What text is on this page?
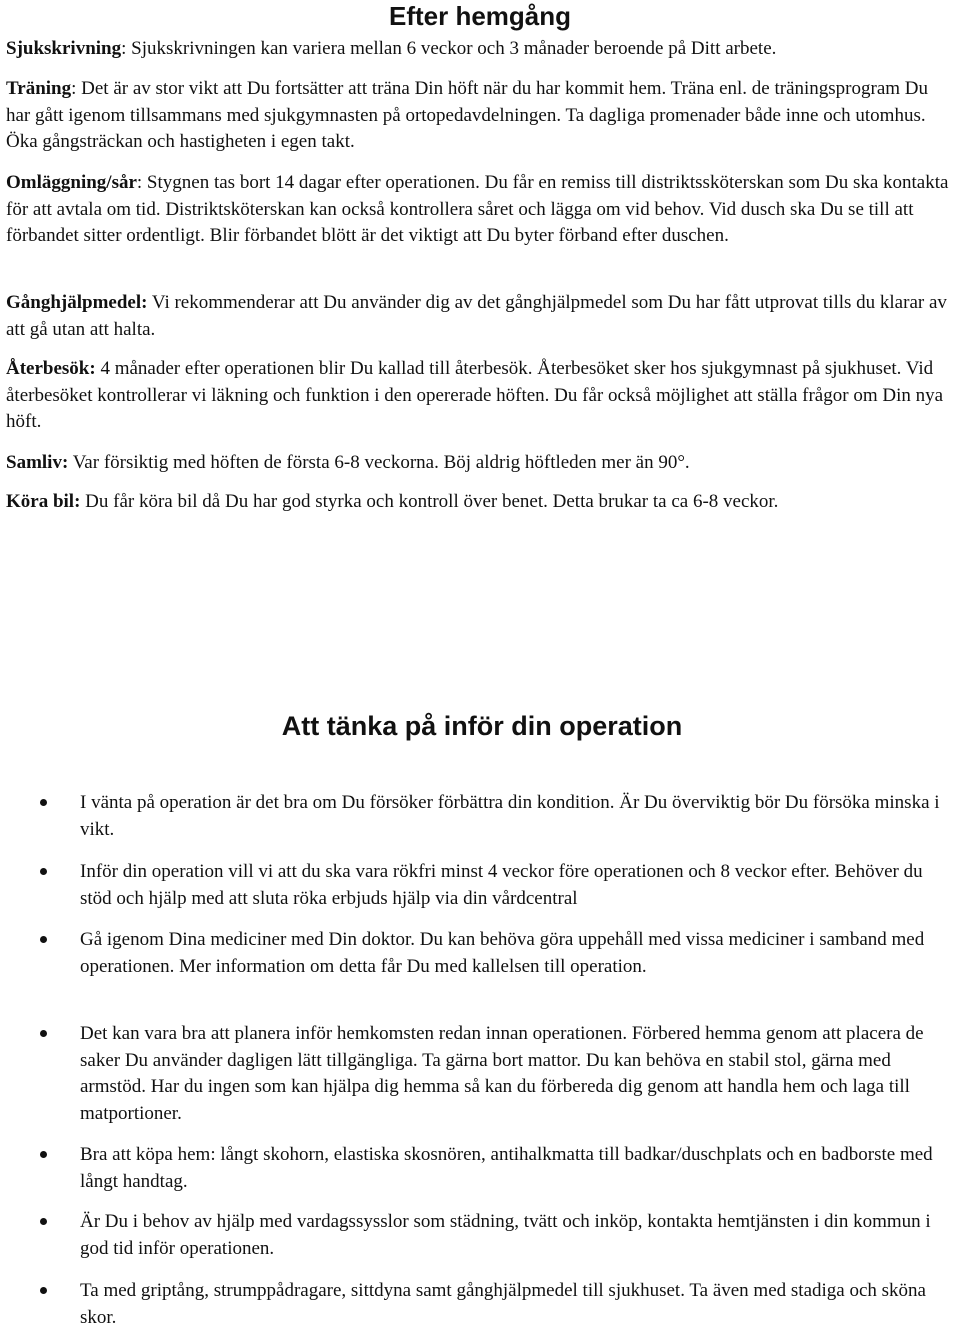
Efter hemgång

Sjukskrivning: Sjukskrivningen kan variera mellan 6 veckor och 3 månader beroende på Ditt arbete.

Träning: Det är av stor vikt att Du fortsätter att träna Din höft när du har kommit hem. Träna enl. de träningsprogram Du har gått igenom tillsammans med sjukgymnasten på ortopedavdelningen. Ta dagliga promenader både inne och utomhus. Öka gångsträckan och hastigheten i egen takt.

Omläggning/sår: Stygnen tas bort 14 dagar efter operationen. Du får en remiss till distriktssköterskan som Du ska kontakta för att avtala om tid. Distriktsköterskan kan också kontrollera såret och lägga om vid behov. Vid dusch ska Du se till att förbandet sitter ordentligt. Blir förbandet blött är det viktigt att Du byter förband efter duschen.

Gånghjälpmedel: Vi rekommenderar att Du använder dig av det gånghjälpmedel som Du har fått utprovat tills du klarar av att gå utan att halta.

Återbesök: 4 månader efter operationen blir Du kallad till återbesök. Återbesöket sker hos sjukgymnast på sjukhuset. Vid återbesöket kontrollerar vi läkning och funktion i den opererade höften. Du får också möjlighet att ställa frågor om Din nya höft.

Samliv: Var försiktig med höften de första 6-8 veckorna. Böj aldrig höftleden mer än 90°.

Köra bil: Du får köra bil då Du har god styrka och kontroll över benet. Detta brukar ta ca 6-8 veckor.

Att tänka på inför din operation
I vänta på operation är det bra om Du försöker förbättra din kondition. Är Du överviktig bör Du försöka minska i vikt.
Inför din operation vill vi att du ska vara rökfri minst 4 veckor före operationen och 8 veckor efter. Behöver du stöd och hjälp med att sluta röka erbjuds hjälp via din vårdcentral
Gå igenom Dina mediciner med Din doktor. Du kan behöva göra uppehåll med vissa mediciner i samband med operationen. Mer information om detta får Du med kallelsen till operation.
Det kan vara bra att planera inför hemkomsten redan innan operationen. Förbered hemma genom att placera de saker Du använder dagligen lätt tillgängliga. Ta gärna bort mattor. Du kan behöva en stabil stol, gärna med armstöd. Har du ingen som kan hjälpa dig hemma så kan du förbereda dig genom att handla hem och laga till matportioner.
Bra att köpa hem: långt skohorn, elastiska skosnören, antihalkmatta till badkar/duschplats och en badborste med långt handtag.
Är Du i behov av hjälp med vardagssysslor som städning, tvätt och inköp, kontakta hemtjänsten i din kommun i god tid inför operationen.
Ta med griptång, strumppådragare, sittdyna samt gånghjälpmedel till sjukhuset. Ta även med stadiga och sköna skor.
